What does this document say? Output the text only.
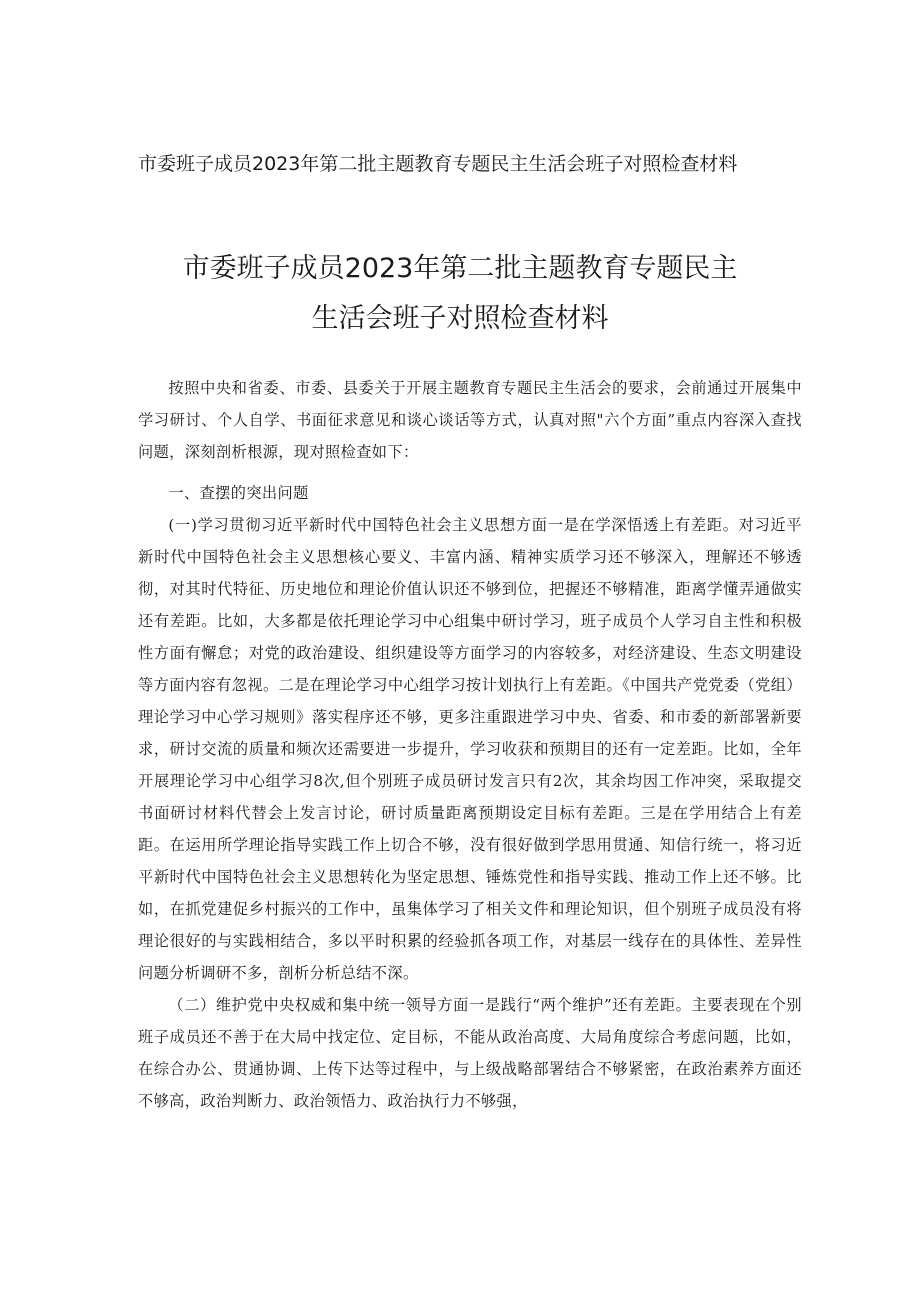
市委班子成员2023年第二批主题教育专题民主生活会班子对照检查材料
市委班子成员2023年第二批主题教育专题民主
生活会班子对照检查材料

按照中央和省委、市委、县委关于开展主题教育专题民主生活会的要求，会前通过开展集中学习研讨、个人自学、书面征求意见和谈心谈话等方式，认真对照"六个方面”重点内容深入查找问题，深刻剖析根源，现对照检查如下：

一、查摆的突出问题

(一)学习贯彻习近平新时代中国特色社会主义思想方面一是在学深悟透上有差距。对习近平新时代中国特色社会主义思想核心要义、丰富内涵、精神实质学习还不够深入，理解还不够透彻，对其时代特征、历史地位和理论价值认识还不够到位，把握还不够精准，距离学懂弄通做实还有差距。比如，大多都是依托理论学习中心组集中研讨学习，班子成员个人学习自主性和积极性方面有懈怠；对党的政治建设、组织建设等方面学习的内容较多，对经济建设、生态文明建设等方面内容有忽视。二是在理论学习中心组学习按计划执行上有差距。《中国共产党党委（党组）理论学习中心学习规则》落实程序还不够，更多注重跟进学习中央、省委、和市委的新部署新要求，研讨交流的质量和频次还需要进一步提升，学习收获和预期目的还有一定差距。比如，全年开展理论学习中心组学习8次,但个别班子成员研讨发言只有2次，其余均因工作冲突，采取提交书面研讨材料代替会上发言讨论，研讨质量距离预期设定目标有差距。三是在学用结合上有差距。在运用所学理论指导实践工作上切合不够，没有很好做到学思用贯通、知信行统一，将习近平新时代中国特色社会主义思想转化为坚定思想、锤炼党性和指导实践、推动工作上还不够。比如，在抓党建促乡村振兴的工作中，虽集体学习了相关文件和理论知识，但个别班子成员没有将理论很好的与实践相结合，多以平时积累的经验抓各项工作，对基层一线存在的具体性、差异性问题分析调研不多，剖析分析总结不深。

（二）维护党中央权威和集中统一领导方面一是践行“两个维护”还有差距。主要表现在个别班子成员还不善于在大局中找定位、定目标，不能从政治高度、大局角度综合考虑问题，比如，在综合办公、贯通协调、上传下达等过程中，与上级战略部署结合不够紧密，在政治素养方面还不够高，政治判断力、政治领悟力、政治执行力不够强，
